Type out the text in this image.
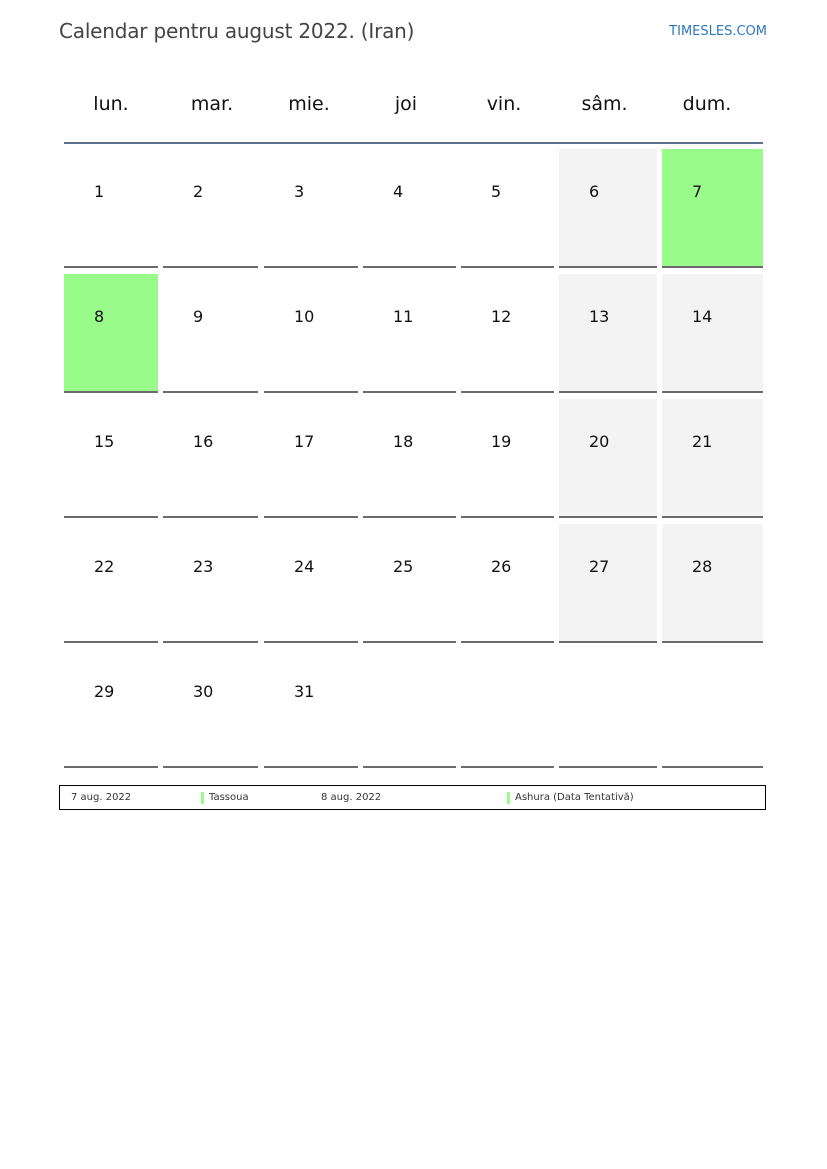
Calendar pentru august 2022. (Iran)	TIMESLES.COM
lun.	mar.	mie.	joi	vin.	sâm.	dum.
1	2	3	4	5	6	7
8	9	10	11	12	13	14
15	16	17	18	19	20	21
22	23	24	25	26	27	28
29	30	31
7 aug. 2022	Tassoua	8 aug. 2022	Ashura (Data Tentativă)
